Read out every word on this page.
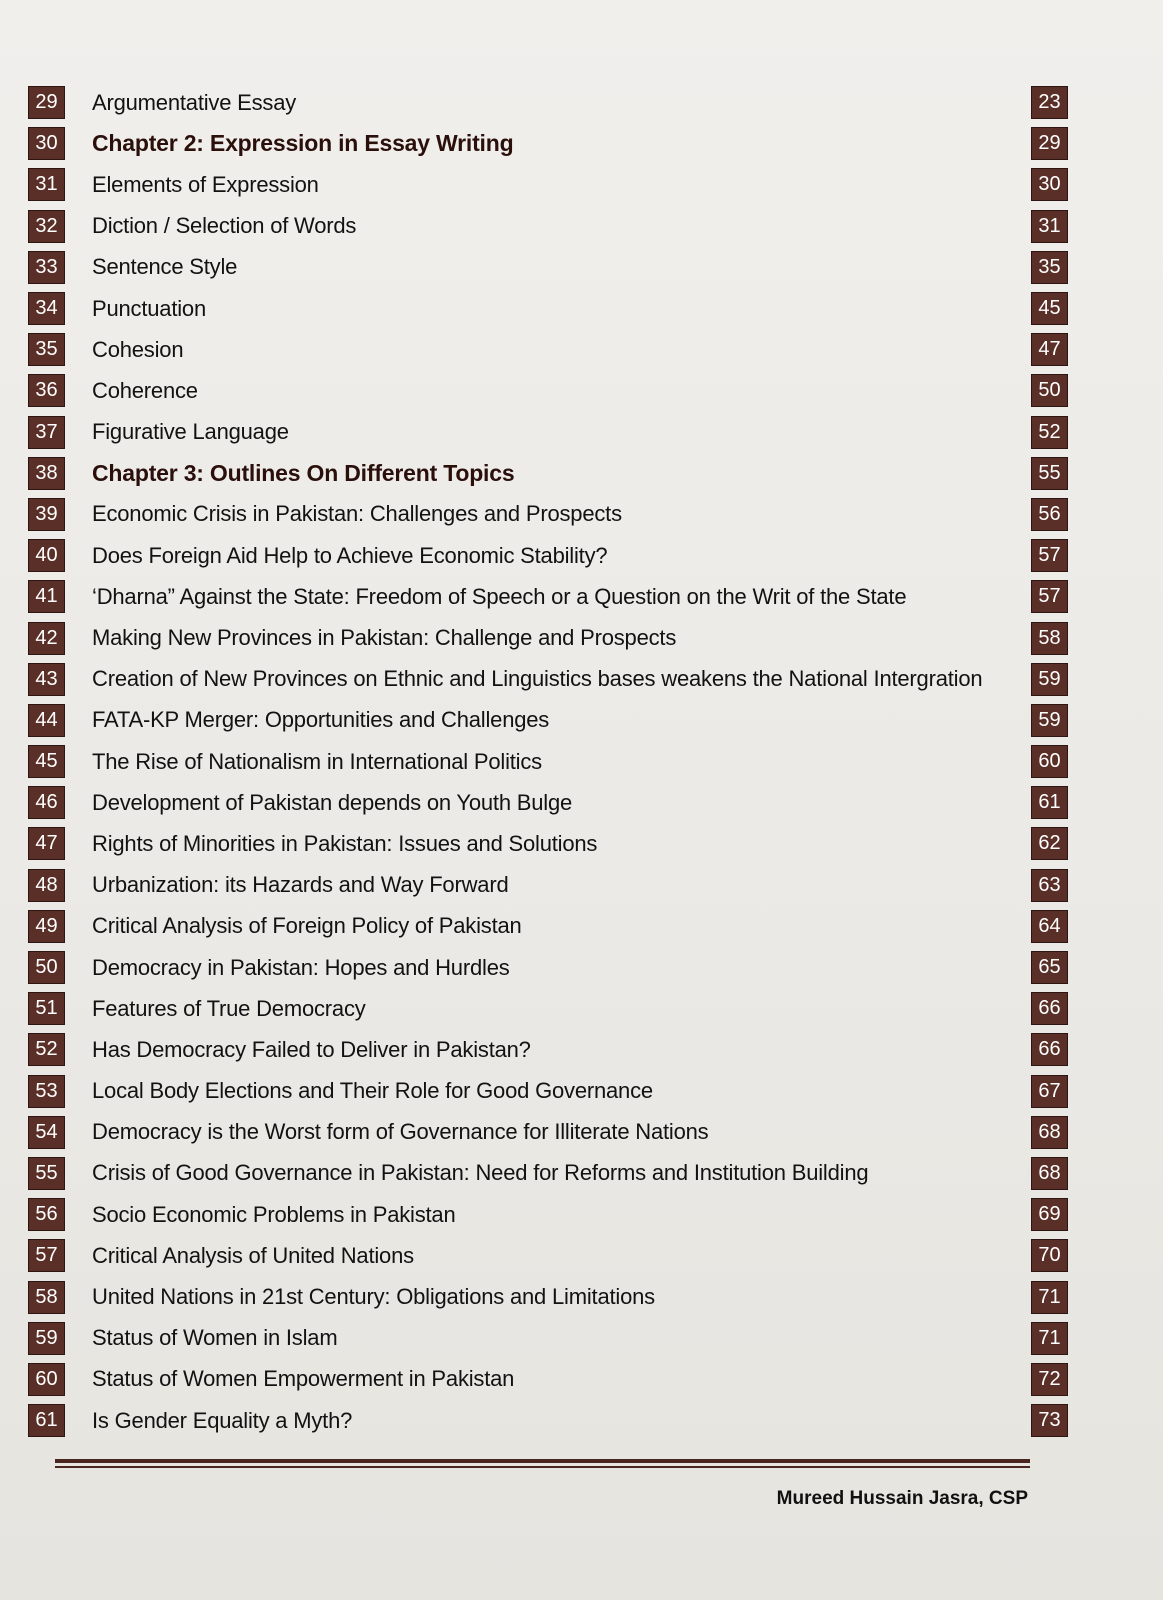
29	Argumentative Essay	23
30	Chapter 2: Expression in Essay Writing	29
31	Elements of Expression	30
32	Diction / Selection of Words	31
33	Sentence Style	35
34	Punctuation	45
35	Cohesion	47
36	Coherence	50
37	Figurative Language	52
38	Chapter 3: Outlines On Different Topics	55
39	Economic Crisis in Pakistan: Challenges and Prospects	56
40	Does Foreign Aid Help to Achieve Economic Stability?	57
41	‘Dharna” Against the State: Freedom of Speech or a Question on the Writ of the State	57
42	Making New Provinces in Pakistan: Challenge and Prospects	58
43	Creation of New Provinces on Ethnic and Linguistics bases weakens the National Intergration	59
44	FATA-KP Merger: Opportunities and Challenges	59
45	The Rise of Nationalism in International Politics	60
46	Development of Pakistan depends on Youth Bulge	61
47	Rights of Minorities in Pakistan: Issues and Solutions	62
48	Urbanization: its Hazards and Way Forward	63
49	Critical Analysis of Foreign Policy of Pakistan	64
50	Democracy in Pakistan: Hopes and Hurdles	65
51	Features of True Democracy	66
52	Has Democracy Failed to Deliver in Pakistan?	66
53	Local Body Elections and Their Role for Good Governance	67
54	Democracy is the Worst form of Governance for Illiterate Nations	68
55	Crisis of Good Governance in Pakistan: Need for Reforms and Institution Building	68
56	Socio Economic Problems in Pakistan	69
57	Critical Analysis of United Nations	70
58	United Nations in 21st Century: Obligations and Limitations	71
59	Status of Women in Islam	71
60	Status of Women Empowerment in Pakistan	72
61	Is Gender Equality a Myth?	73
Mureed Hussain Jasra, CSP
